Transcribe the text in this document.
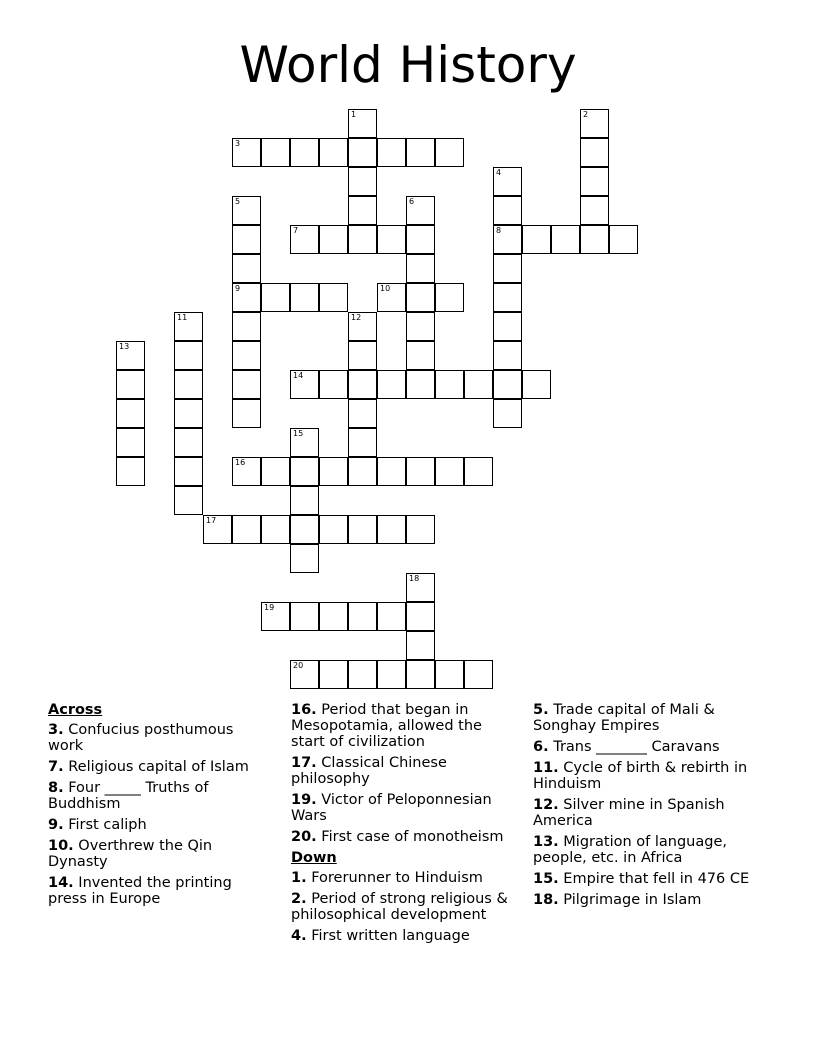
World History
1	2
3
4
8
5
9
6
7
10
11	12
13
14
15
16
17
18
19
20
Across
3. Confucius posthumous work
7. Religious capital of Islam
8. Four _____ Truths of Buddhism
9. First caliph
10. Overthrew the Qin Dynasty
14. Invented the printing press in Europe
16. Period that began in Mesopotamia, allowed the start of civilization
17. Classical Chinese philosophy
19. Victor of Peloponnesian Wars
20. First case of monotheism
Down
1. Forerunner to Hinduism
2. Period of strong religious & philosophical development
4. First written language
5. Trade capital of Mali & Songhay Empires
6. Trans _______ Caravans
11. Cycle of birth & rebirth in Hinduism
12. Silver mine in Spanish America
13. Migration of language, people, etc. in Africa
15. Empire that fell in 476 CE
18. Pilgrimage in Islam
